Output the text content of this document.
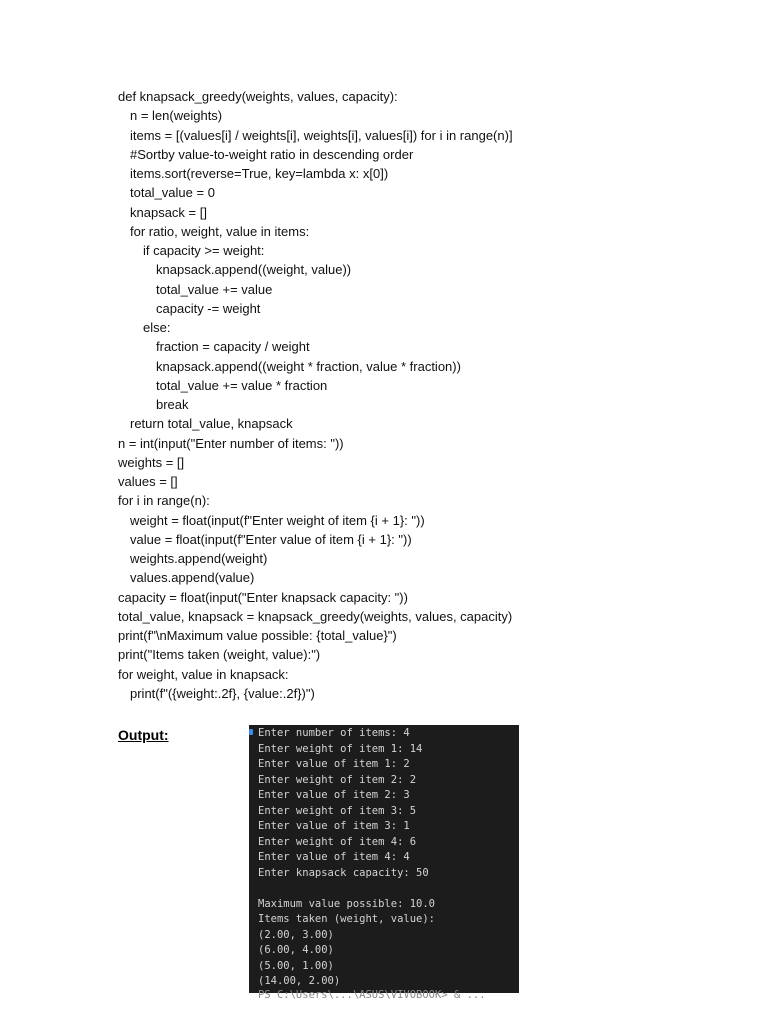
def knapsack_greedy(weights, values, capacity):
n = len(weights)
items = [(values[i] / weights[i], weights[i], values[i]) for i in range(n)]
#Sortby value-to-weight ratio in descending order
items.sort(reverse=True, key=lambda x: x[0])
total_value = 0
knapsack = []
for ratio, weight, value in items:
if capacity >= weight:
knapsack.append((weight, value))
total_value += value
capacity -= weight
else:
fraction = capacity / weight
knapsack.append((weight * fraction, value * fraction))
total_value += value * fraction
break
return total_value, knapsack
n = int(input("Enter number of items: "))
weights = []
values = []
for i in range(n):
weight = float(input(f"Enter weight of item {i + 1}: "))
value = float(input(f"Enter value of item {i + 1}: "))
weights.append(weight)
values.append(value)
capacity = float(input("Enter knapsack capacity: "))
total_value, knapsack = knapsack_greedy(weights, values, capacity)
print(f"\nMaximum value possible: {total_value}")
print("Items taken (weight, value):")
for weight, value in knapsack:
print(f"({weight:.2f}, {value:.2f})")
Output:	Enter number of items: 4
Enter weight of item 1: 14
Enter value of item 1: 2
Enter weight of item 2: 2
Enter value of item 2: 3
Enter weight of item 3: 5
Enter value of item 3: 1
Enter weight of item 4: 6
Enter value of item 4: 4
Enter knapsack capacity: 50
Maximum value possible: 10.0
Items taken (weight, value):
(2.00, 3.00)
(6.00, 4.00)
(5.00, 1.00)
(14.00, 2.00)
PS C:\Users\...\ASUS\VIVOBOOK> & ...
